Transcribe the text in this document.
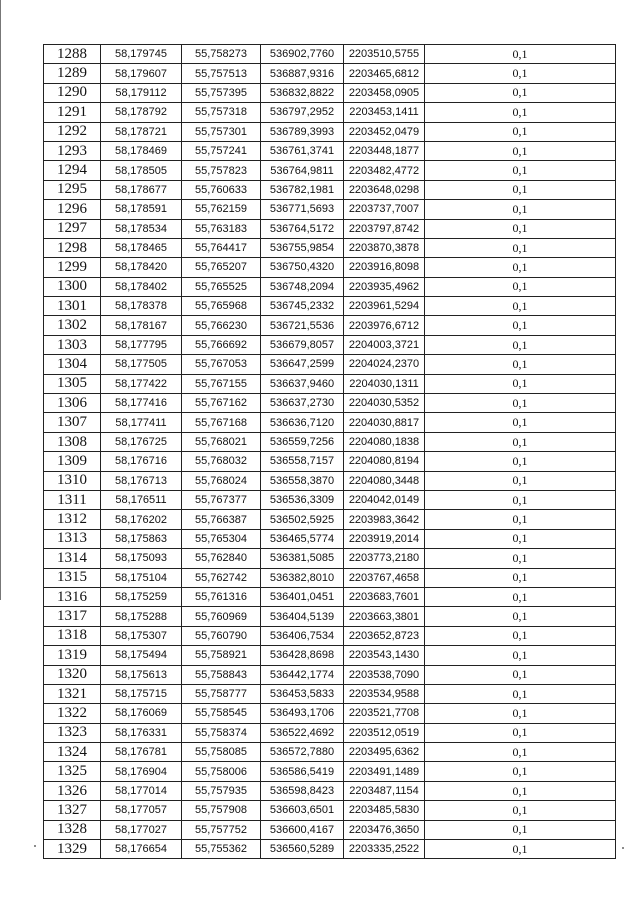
1288	58,179745	55,758273	536902,7760	2203510,5755	0,1
1289	58,179607	55,757513	536887,9316	2203465,6812	0,1
1290	58,179112	55,757395	536832,8822	2203458,0905	0,1
1291	58,178792	55,757318	536797,2952	2203453,1411	0,1
1292	58,178721	55,757301	536789,3993	2203452,0479	0,1
1293	58,178469	55,757241	536761,3741	2203448,1877	0,1
1294	58,178505	55,757823	536764,9811	2203482,4772	0,1
1295	58,178677	55,760633	536782,1981	2203648,0298	0,1
1296	58,178591	55,762159	536771,5693	2203737,7007	0,1
1297	58,178534	55,763183	536764,5172	2203797,8742	0,1
1298	58,178465	55,764417	536755,9854	2203870,3878	0,1
1299	58,178420	55,765207	536750,4320	2203916,8098	0,1
1300	58,178402	55,765525	536748,2094	2203935,4962	0,1
1301	58,178378	55,765968	536745,2332	2203961,5294	0,1
1302	58,178167	55,766230	536721,5536	2203976,6712	0,1
1303	58,177795	55,766692	536679,8057	2204003,3721	0,1
1304	58,177505	55,767053	536647,2599	2204024,2370	0,1
1305	58,177422	55,767155	536637,9460	2204030,1311	0,1
1306	58,177416	55,767162	536637,2730	2204030,5352	0,1
1307	58,177411	55,767168	536636,7120	2204030,8817	0,1
1308	58,176725	55,768021	536559,7256	2204080,1838	0,1
1309	58,176716	55,768032	536558,7157	2204080,8194	0,1
1310	58,176713	55,768024	536558,3870	2204080,3448	0,1
1311	58,176511	55,767377	536536,3309	2204042,0149	0,1
1312	58,176202	55,766387	536502,5925	2203983,3642	0,1
1313	58,175863	55,765304	536465,5774	2203919,2014	0,1
1314	58,175093	55,762840	536381,5085	2203773,2180	0,1
1315	58,175104	55,762742	536382,8010	2203767,4658	0,1
1316	58,175259	55,761316	536401,0451	2203683,7601	0,1
1317	58,175288	55,760969	536404,5139	2203663,3801	0,1
1318	58,175307	55,760790	536406,7534	2203652,8723	0,1
1319	58,175494	55,758921	536428,8698	2203543,1430	0,1
1320	58,175613	55,758843	536442,1774	2203538,7090	0,1
1321	58,175715	55,758777	536453,5833	2203534,9588	0,1
1322	58,176069	55,758545	536493,1706	2203521,7708	0,1
1323	58,176331	55,758374	536522,4692	2203512,0519	0,1
1324	58,176781	55,758085	536572,7880	2203495,6362	0,1
1325	58,176904	55,758006	536586,5419	2203491,1489	0,1
1326	58,177014	55,757935	536598,8423	2203487,1154	0,1
1327	58,177057	55,757908	536603,6501	2203485,5830	0,1
1328	58,177027	55,757752	536600,4167	2203476,3650	0,1
1329	58,176654	55,755362	536560,5289	2203335,2522	0,1
